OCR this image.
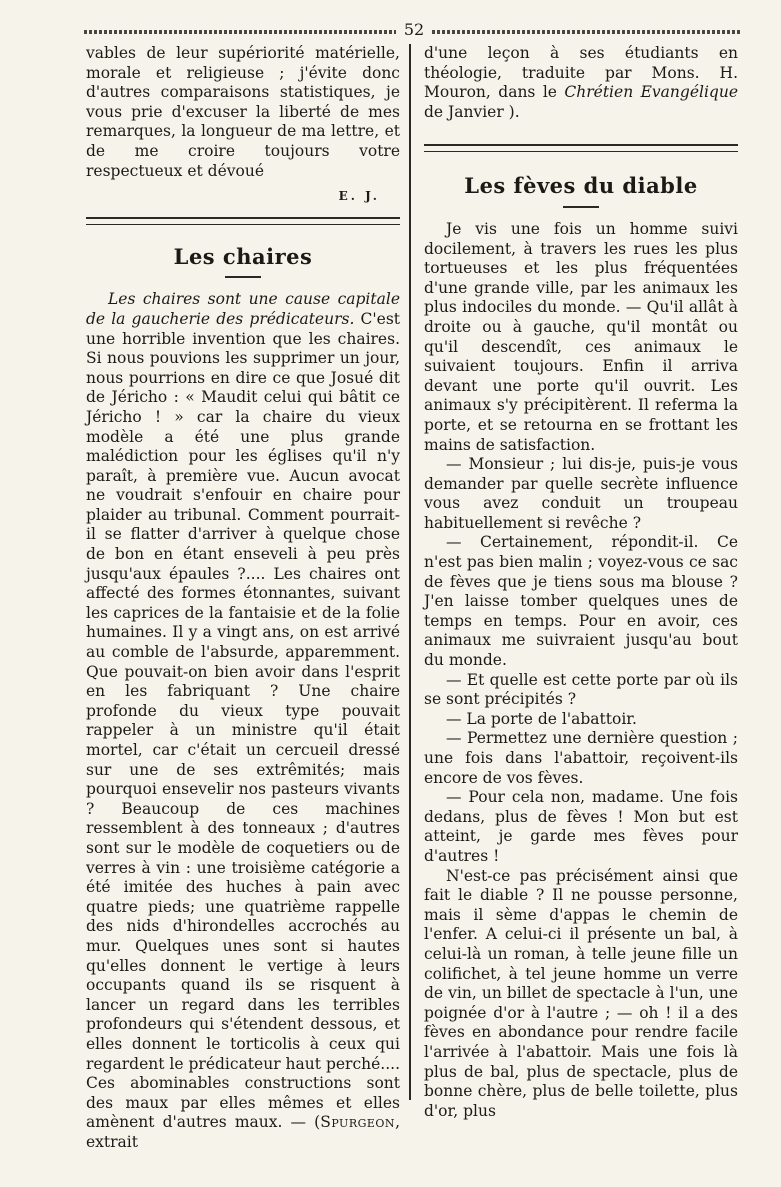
52

vables de leur supériorité matérielle, morale et religieuse ; j'évite donc d'autres comparaisons statistiques, je vous prie d'excuser la liberté de mes remarques, la longueur de ma lettre, et de me croire toujours votre respectueux et dévoué

E. J.
Les chaires

Les chaires sont une cause capitale de la gaucherie des prédicateurs. C'est une horrible invention que les chaires. Si nous pouvions les supprimer un jour, nous pourrions en dire ce que Josué dit de Jéricho : « Maudit celui qui bâtit ce Jéricho ! » car la chaire du vieux modèle a été une plus grande malédiction pour les églises qu'il n'y paraît, à première vue. Aucun avocat ne voudrait s'enfouir en chaire pour plaider au tribunal. Comment pourrait-il se flatter d'arriver à quelque chose de bon en étant enseveli à peu près jusqu'aux épaules ?.... Les chaires ont affecté des formes étonnantes, suivant les caprices de la fantaisie et de la folie humaines. Il y a vingt ans, on est arrivé au comble de l'absurde, apparemment. Que pouvait-on bien avoir dans l'esprit en les fabriquant ? Une chaire profonde du vieux type pouvait rappeler à un ministre qu'il était mortel, car c'était un cercueil dressé sur une de ses extrêmités; mais pourquoi ensevelir nos pasteurs vivants ? Beaucoup de ces machines ressemblent à des tonneaux ; d'autres sont sur le modèle de coquetiers ou de verres à vin : une troisième catégorie a été imitée des huches à pain avec quatre pieds; une quatrième rappelle des nids d'hirondelles accrochés au mur. Quelques unes sont si hautes qu'elles donnent le vertige à leurs occupants quand ils se risquent à lancer un regard dans les terribles profondeurs qui s'étendent dessous, et elles donnent le torticolis à ceux qui regardent le prédicateur haut perché.... Ces abominables constructions sont des maux par elles mêmes et elles amènent d'autres maux. — (Spurgeon, extrait

d'une leçon à ses étudiants en théologie, traduite par Mons. H. Mouron, dans le Chrétien Evangélique de Janvier ).

Les fèves du diable

Je vis une fois un homme suivi docilement, à travers les rues les plus tortueuses et les plus fréquentées d'une grande ville, par les animaux les plus indociles du monde. — Qu'il allât à droite ou à gauche, qu'il montât ou qu'il descendît, ces animaux le suivaient toujours. Enfin il arriva devant une porte qu'il ouvrit. Les animaux s'y précipitèrent. Il referma la porte, et se retourna en se frottant les mains de satisfaction.

— Monsieur ; lui dis-je, puis-je vous demander par quelle secrète influence vous avez conduit un troupeau habituellement si revêche ?

— Certainement, répondit-il. Ce n'est pas bien malin ; voyez-vous ce sac de fèves que je tiens sous ma blouse ? J'en laisse tomber quelques unes de temps en temps. Pour en avoir, ces animaux me suivraient jusqu'au bout du monde.

— Et quelle est cette porte par où ils se sont précipités ?

— La porte de l'abattoir.

— Permettez une dernière question ; une fois dans l'abattoir, reçoivent-ils encore de vos fèves.

— Pour cela non, madame. Une fois dedans, plus de fèves ! Mon but est atteint, je garde mes fèves pour d'autres !

N'est-ce pas précisément ainsi que fait le diable ? Il ne pousse personne, mais il sème d'appas le chemin de l'enfer. A celui-ci il présente un bal, à celui-là un roman, à telle jeune fille un colifichet, à tel jeune homme un verre de vin, un billet de spectacle à l'un, une poignée d'or à l'autre ; — oh ! il a des fèves en abondance pour rendre facile l'arrivée à l'abattoir. Mais une fois là plus de bal, plus de spectacle, plus de bonne chère, plus de belle toilette, plus d'or, plus
